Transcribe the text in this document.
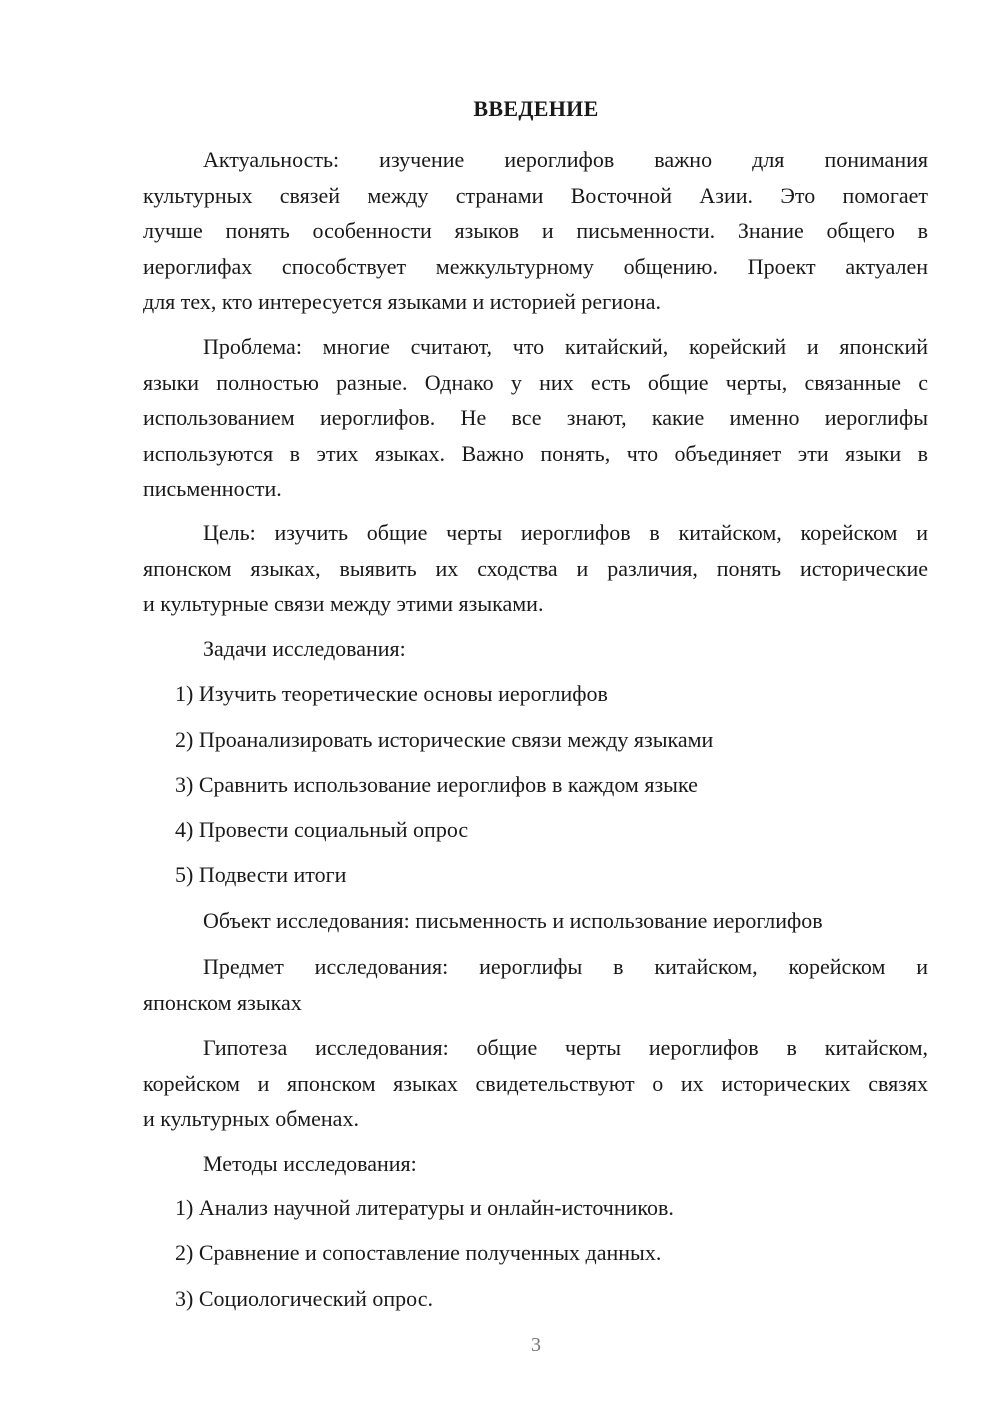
ВВЕДЕНИЕ
Актуальность: изучение иероглифов важно для понимания
культурных связей между странами Восточной Азии. Это помогает
лучше понять особенности языков и письменности. Знание общего в
иероглифах способствует межкультурному общению. Проект актуален
для тех, кто интересуется языками и историей региона.
Проблема: многие считают, что китайский, корейский и японский
языки полностью разные. Однако у них есть общие черты, связанные с
использованием иероглифов. Не все знают, какие именно иероглифы
используются в этих языках. Важно понять, что объединяет эти языки в
письменности.
Цель: изучить общие черты иероглифов в китайском, корейском и
японском языках, выявить их сходства и различия, понять исторические
и культурные связи между этими языками.
Задачи исследования:
1) Изучить теоретические основы иероглифов
2) Проанализировать исторические связи между языками
3) Сравнить использование иероглифов в каждом языке
4) Провести социальный опрос
5) Подвести итоги
Объект исследования: письменность и использование иероглифов
Предмет исследования: иероглифы в китайском, корейском и
японском языках
Гипотеза исследования: общие черты иероглифов в китайском,
корейском и японском языках свидетельствуют о их исторических связях
и культурных обменах.
Методы исследования:
1) Анализ научной литературы и онлайн-источников.
2) Сравнение и сопоставление полученных данных.
3) Социологический опрос.
3
